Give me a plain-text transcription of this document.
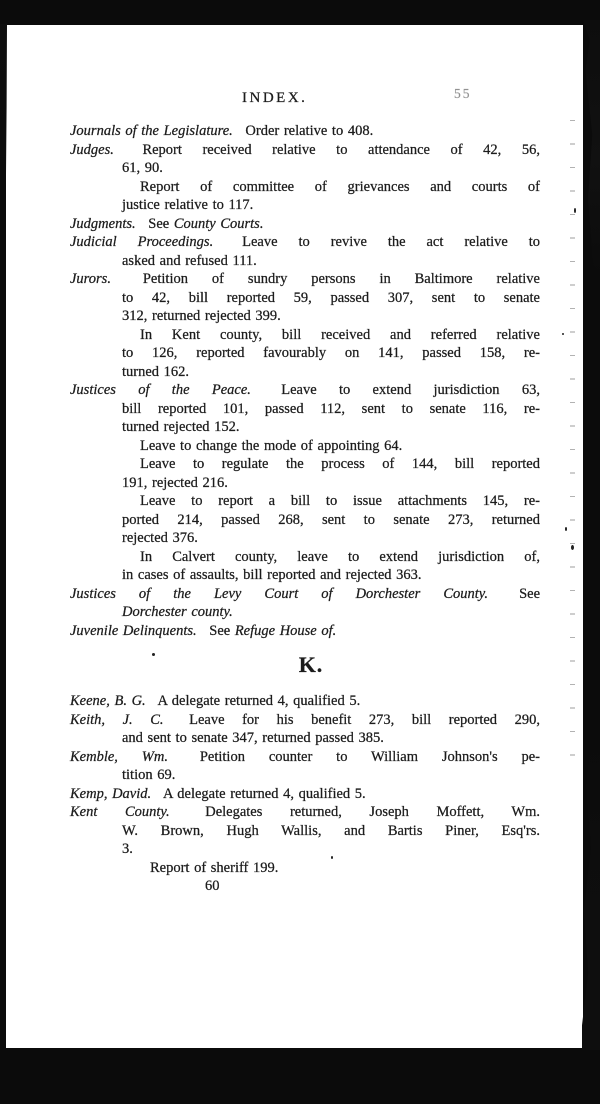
INDEX.	55
Journals of the Legislature. Order relative to 408.
Judges. Report received relative to attendance of 42, 56,
61, 90.
Report of committee of grievances and courts of
justice relative to 117.
Judgments. See County Courts.
Judicial Proceedings. Leave to revive the act relative to
asked and refused 111.
Jurors. Petition of sundry persons in Baltimore relative
to 42, bill reported 59, passed 307, sent to senate
312, returned rejected 399.
In Kent county, bill received and referred relative
to 126, reported favourably on 141, passed 158, re-
turned 162.
Justices of the Peace. Leave to extend jurisdiction 63,
bill reported 101, passed 112, sent to senate 116, re-
turned rejected 152.
Leave to change the mode of appointing 64.
Leave to regulate the process of 144, bill reported
191, rejected 216.
Leave to report a bill to issue attachments 145, re-
ported 214, passed 268, sent to senate 273, returned
rejected 376.
In Calvert county, leave to extend jurisdiction of,
in cases of assaults, bill reported and rejected 363.
Justices of the Levy Court of Dorchester County. See
Dorchester county.
Juvenile Delinquents. See Refuge House of.
K.
Keene, B. G. A delegate returned 4, qualified 5.
Keith, J. C. Leave for his benefit 273, bill reported 290,
and sent to senate 347, returned passed 385.
Kemble, Wm. Petition counter to William Johnson's pe-
tition 69.
Kemp, David. A delegate returned 4, qualified 5.
Kent County. Delegates returned, Joseph Moffett, Wm.
W. Brown, Hugh Wallis, and Bartis Piner, Esq'rs.
3.
Report of sheriff 199.
60
